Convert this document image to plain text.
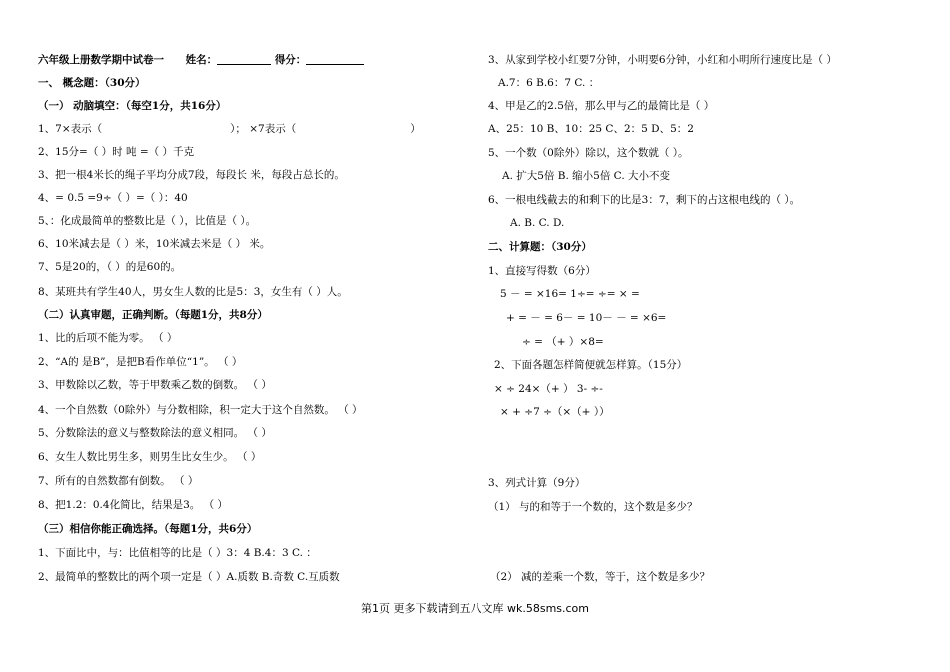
六年级上册数学期中试卷一 姓名：	得分：
一、 概念题：（30分）
（一） 动脑填空：（每空1分，共16分）
1、7×表示（	）； ×7表示（	）
2、15分=（ ）时 吨 =（ ）千克
3、把一根4米长的绳子平均分成7段，每段长 米，每段占总长的。
4、= 0.5 =9÷（ ）=（ ）：40
5、：化成最简单的整数比是（ ），比值是（ ）。
6、10米减去是（ ）米，10米减去米是（ ） 米。
7、5是20的，（ ）的是60的。
8、某班共有学生40人，男女生人数的比是5：3，女生有（ ）人。
（二）认真审题，正确判断。（每题1分，共8分）
1、比的后项不能为零。 （ ）
2、“A的 是B”，是把B看作单位“1”。 （ ）
3、甲数除以乙数，等于甲数乘乙数的倒数。 （ ）
4、一个自然数（0除外）与分数相除，积一定大于这个自然数。 （ ）
5、分数除法的意义与整数除法的意义相同。 （ ）
6、女生人数比男生多，则男生比女生少。 （ ）
7、所有的自然数都有倒数。 （ ）
8、把1.2：0.4化简比，结果是3。 （ ）
（三）相信你能正确选择。（每题1分，共6分）
1、下面比中，与：比值相等的比是（ ）3：4 B.4：3 C. ：
2、最简单的整数比的两个项一定是（ ）A.质数 B.奇数 C.互质数
3、从家到学校小红要7分钟，小明要6分钟，小红和小明所行速度比是（ ）
A.7：6 B.6：7 C. ：
4、甲是乙的2.5倍，那么甲与乙的最简比是（ ）
A、25：10 B、10：25 C、2：5 D、5：2
5、一个数（0除外）除以，这个数就（ ）。
A. 扩大5倍 B. 缩小5倍 C. 大小不变
6、一根电线截去的和剩下的比是3：7，剩下的占这根电线的（ ）。
A. B. C. D.
二、计算题：（30分）
1、直接写得数（6分）
5 － = ×16= 1÷= ÷= × =
+ = － = 6－ = 10－ － = ×6=
÷ = （+ ）×8=
2、下面各题怎样简便就怎样算。（15分）
× ÷ 24×（+ ） 3- ÷-
× + ÷7 ÷（×（+ ））
3、列式计算（9分）
（1） 与的和等于一个数的，这个数是多少？
（2） 减的差乘一个数，等于，这个数是多少？
第1页 更多下载请到五八文库 wk.58sms.com
